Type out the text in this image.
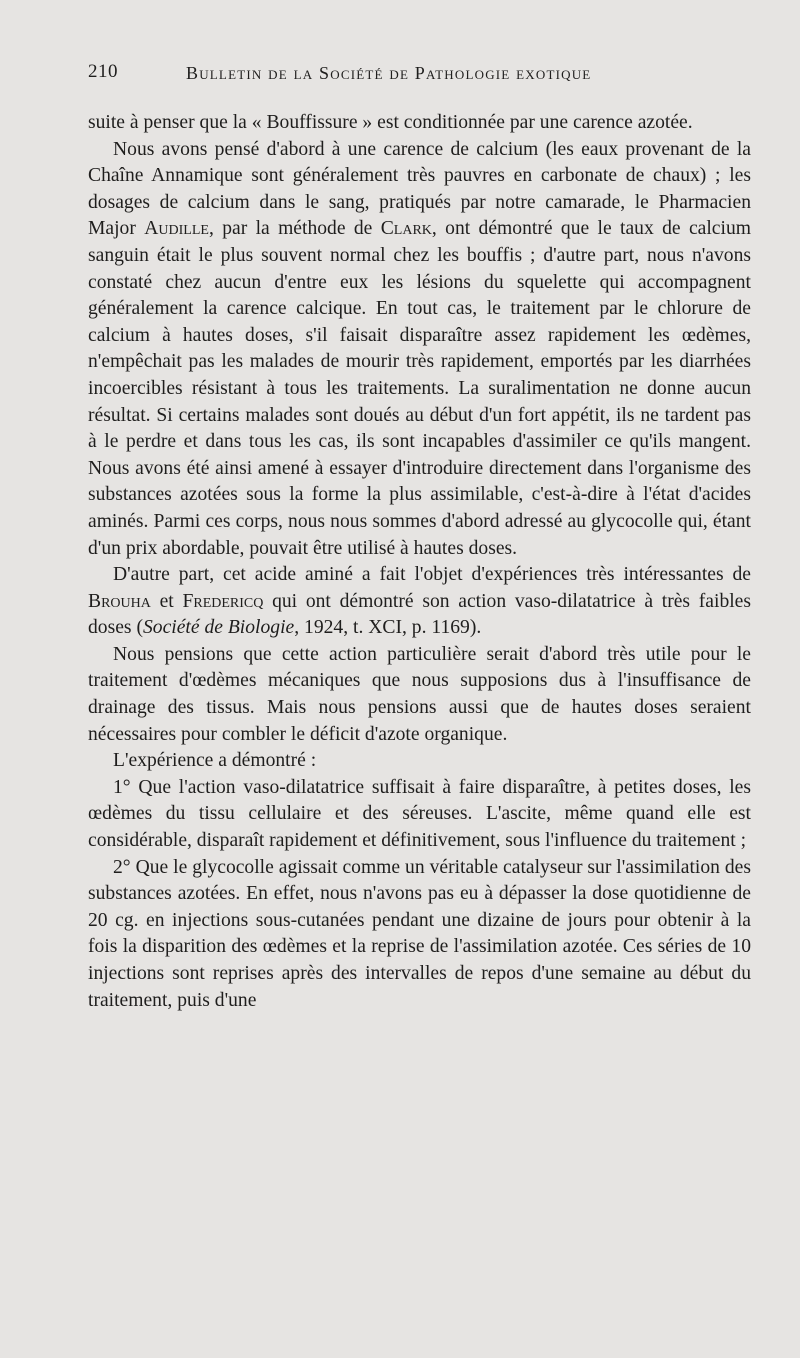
210	Bulletin de la Société de Pathologie exotique

suite à penser que la « Bouffissure » est conditionnée par une carence azotée.

Nous avons pensé d'abord à une carence de calcium (les eaux provenant de la Chaîne Annamique sont généralement très pauvres en carbonate de chaux) ; les dosages de calcium dans le sang, pratiqués par notre camarade, le Pharmacien Major Audille, par la méthode de Clark, ont démontré que le taux de calcium sanguin était le plus souvent normal chez les bouffis ; d'autre part, nous n'avons constaté chez aucun d'entre eux les lésions du squelette qui accompagnent généralement la carence calcique. En tout cas, le traitement par le chlorure de calcium à hautes doses, s'il faisait disparaître assez rapidement les œdèmes, n'empêchait pas les malades de mourir très rapidement, emportés par les diarrhées incoercibles résistant à tous les traitements. La suralimentation ne donne aucun résultat. Si certains malades sont doués au début d'un fort appétit, ils ne tardent pas à le perdre et dans tous les cas, ils sont incapables d'assimiler ce qu'ils mangent. Nous avons été ainsi amené à essayer d'introduire directement dans l'organisme des substances azotées sous la forme la plus assimilable, c'est-à-dire à l'état d'acides aminés. Parmi ces corps, nous nous sommes d'abord adressé au glycocolle qui, étant d'un prix abordable, pouvait être utilisé à hautes doses.

D'autre part, cet acide aminé a fait l'objet d'expériences très intéressantes de Brouha et Fredericq qui ont démontré son action vaso-dilatatrice à très faibles doses (Société de Biologie, 1924, t. XCI, p. 1169).

Nous pensions que cette action particulière serait d'abord très utile pour le traitement d'œdèmes mécaniques que nous supposions dus à l'insuffisance de drainage des tissus. Mais nous pensions aussi que de hautes doses seraient nécessaires pour combler le déficit d'azote organique.

L'expérience a démontré :

1° Que l'action vaso-dilatatrice suffisait à faire disparaître, à petites doses, les œdèmes du tissu cellulaire et des séreuses. L'ascite, même quand elle est considérable, disparaît rapidement et définitivement, sous l'influence du traitement ;

2° Que le glycocolle agissait comme un véritable catalyseur sur l'assimilation des substances azotées. En effet, nous n'avons pas eu à dépasser la dose quotidienne de 20 cg. en injections sous-cutanées pendant une dizaine de jours pour obtenir à la fois la disparition des œdèmes et la reprise de l'assimilation azotée. Ces séries de 10 injections sont reprises après des intervalles de repos d'une semaine au début du traitement, puis d'une
